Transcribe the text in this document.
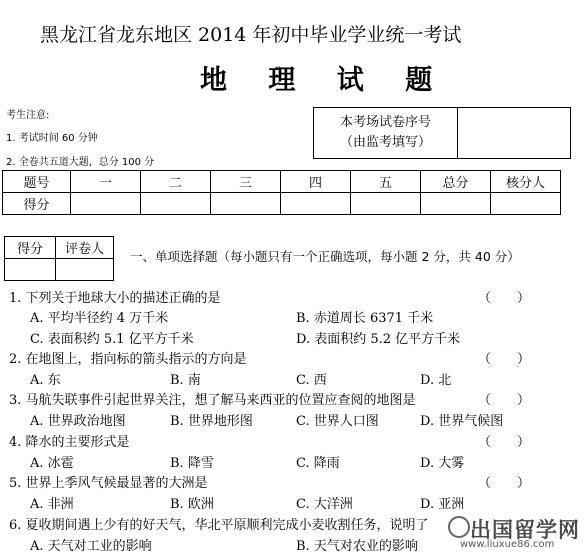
黑龙江省龙东地区 2014 年初中毕业学业统一考试
地 理 试 题
考生注意:
1. 考试时间 60 分钟
2. 全卷共五道大题，总分 100 分
本考场试卷序号
（由监考填写）

题号	一	二	三	四	五	总分	核分人
得分							
得分	评卷人
	一、单项选择题（每小题只有一个正确选项，每小题 2 分，共 40 分）
1. 下列关于地球大小的描述正确的是	（　　）
A. 平均半径约 4 万千米	B. 赤道周长 6371 千米
C. 表面积约 5.1 亿平方千米	D. 表面积约 5.2 亿平方千米
2. 在地图上，指向标的箭头指示的方向是	（　　）
A. 东	B. 南	C. 西	D. 北
3. 马航失联事件引起世界关注，想了解马来西亚的位置应查阅的地图是	（　　）
A. 世界政治地图	B. 世界地形图	C. 世界人口图	D. 世界气候图
4. 降水的主要形式是	（　　）
A. 冰雹	B. 降雪	C. 降雨	D. 大雾
5. 世界上季风气候最显著的大洲是	（　　）
A. 非洲	B. 欧洲	C. 大洋洲	D. 亚洲
6. 夏收期间遇上少有的好天气，华北平原顺利完成小麦收割任务，说明了
A. 天气对工业的影响	B. 天气对农业的影响
出国留学网
www.liuxue86.com
